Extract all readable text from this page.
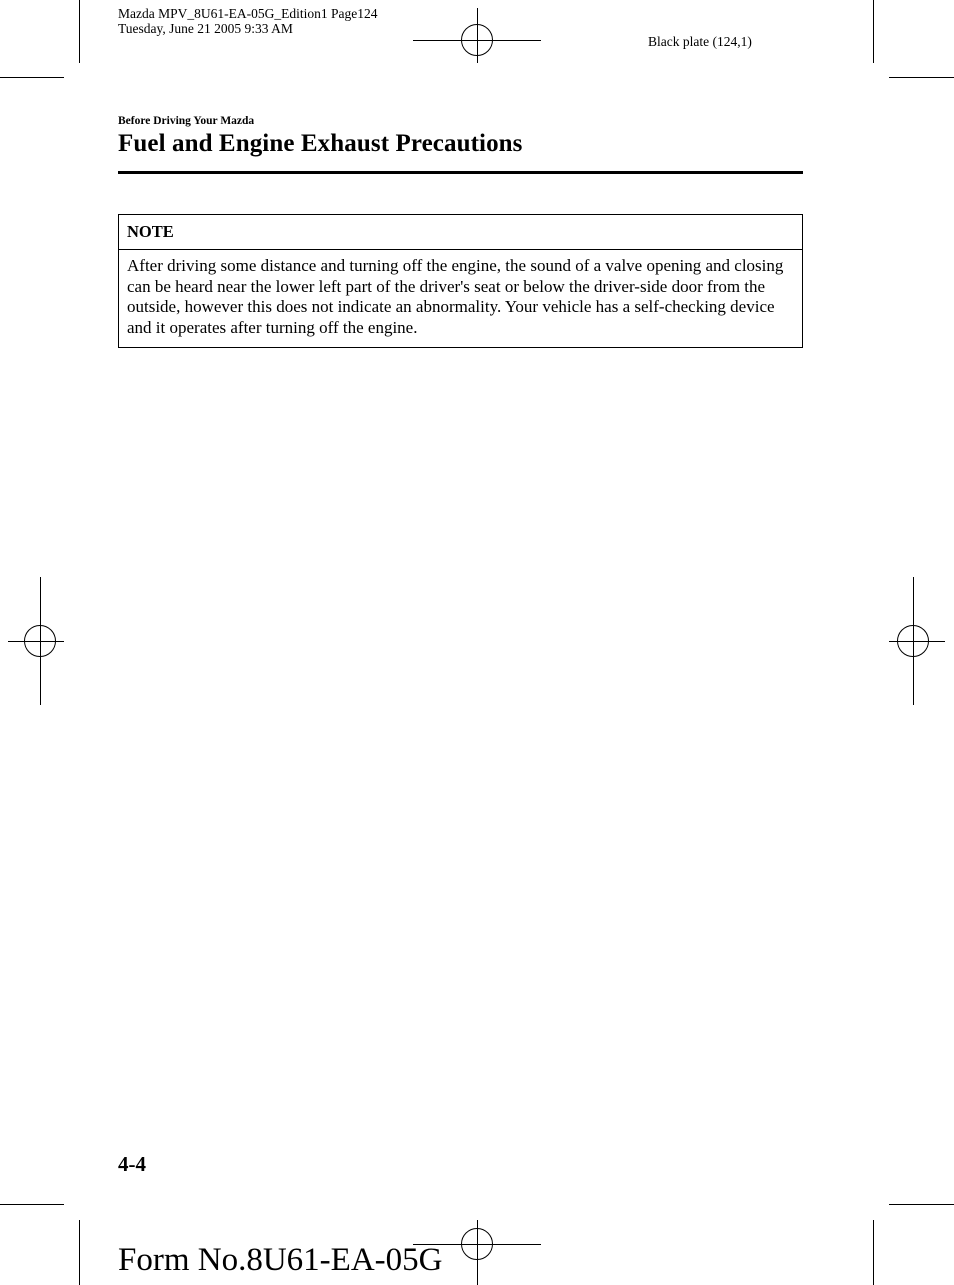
Mazda MPV_8U61-EA-05G_Edition1 Page124
Tuesday, June 21 2005 9:33 AM
Black plate (124,1)
Before Driving Your Mazda
Fuel and Engine Exhaust Precautions
NOTE
After driving some distance and turning off the engine, the sound of a valve opening and closing can be heard near the lower left part of the driver's seat or below the driver-side door from the outside, however this does not indicate an abnormality. Your vehicle has a self-checking device and it operates after turning off the engine.
4-4
Form No.8U61-EA-05G
